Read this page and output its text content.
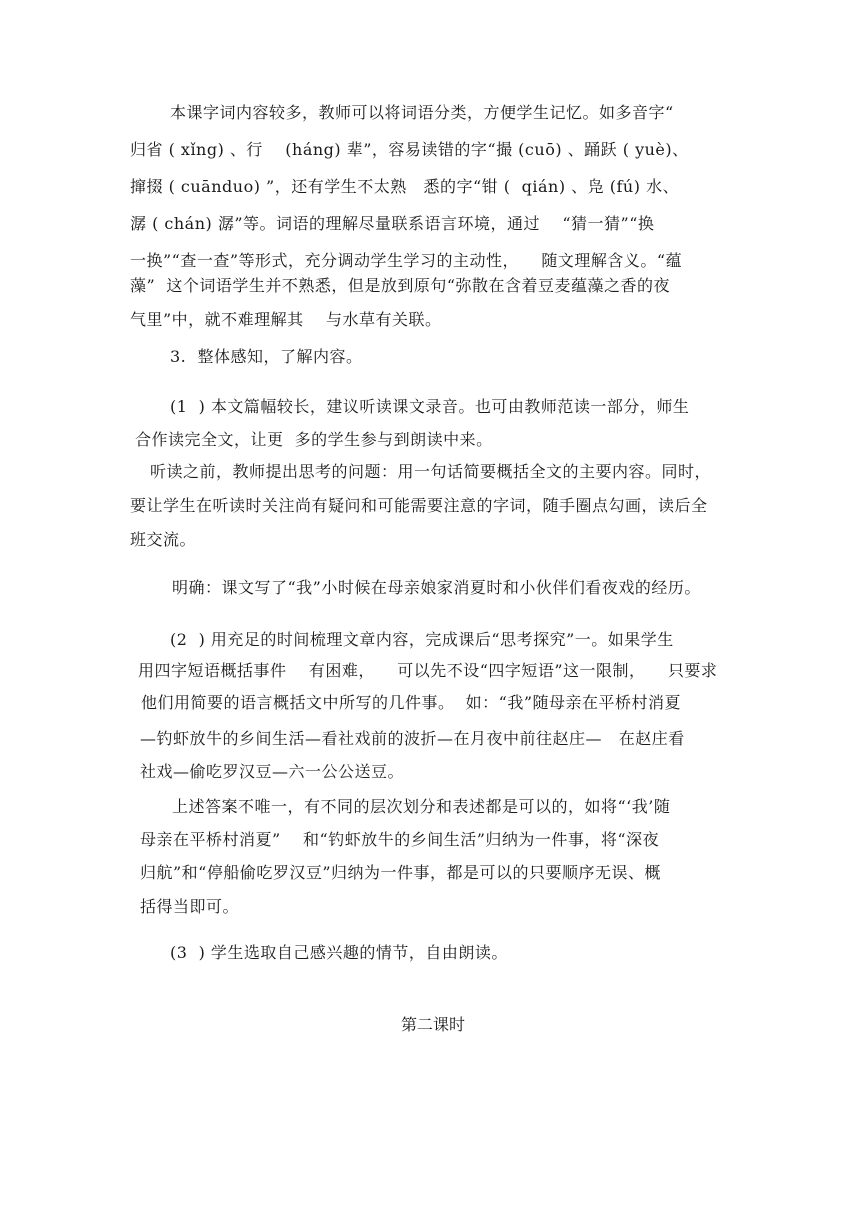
本课字词内容较多，教师可以将词语分类，方便学生记忆。如多音字“
归省 ( xǐng) 、行    (háng) 辈”，容易读错的字“撮 (cuō) 、踊跃 ( yuè)、
撺掇 ( cuānduo) ”，还有学生不太熟   悉的字“钳 (  qián) 、凫 (fú) 水、
潺 ( chán) 潺”等。词语的理解尽量联系语言环境，通过    “猜一猜”“换
一换”“查一查”等形式，充分调动学生学习的主动性，    随文理解含义。“蕴
藻”  这个词语学生并不熟悉，但是放到原句“弥散在含着豆麦蕴藻之香的夜
气里”中，就不难理解其    与水草有关联。
3.  整体感知，了解内容。
(1  ) 本文篇幅较长，建议听读课文录音。也可由教师范读一部分，师生
合作读完全文，让更  多的学生参与到朗读中来。
听读之前，教师提出思考的问题：用一句话简要概括全文的主要内容。同时，
要让学生在听读时关注尚有疑问和可能需要注意的字词，随手圈点勾画，读后全
班交流。
明确：课文写了“我”小时候在母亲娘家消夏时和小伙伴们看夜戏的经历。
(2  ) 用充足的时间梳理文章内容，完成课后“思考探究”一。如果学生
用四字短语概括事件    有困难，    可以先不设“四字短语”这一限制，    只要求
他们用简要的语言概括文中所写的几件事。  如：“我”随母亲在平桥村消夏
—钓虾放牛的乡间生活—看社戏前的波折—在月夜中前往赵庄—   在赵庄看
社戏—偷吃罗汉豆—六一公公送豆。
上述答案不唯一，有不同的层次划分和表述都是可以的，如将“‘我’随
母亲在平桥村消夏”    和“钓虾放牛的乡间生活”归纳为一件事，将“深夜
归航”和“停船偷吃罗汉豆”归纳为一件事，都是可以的只要顺序无误、概
括得当即可。
(3  ) 学生选取自己感兴趣的情节，自由朗读。
第二课时
